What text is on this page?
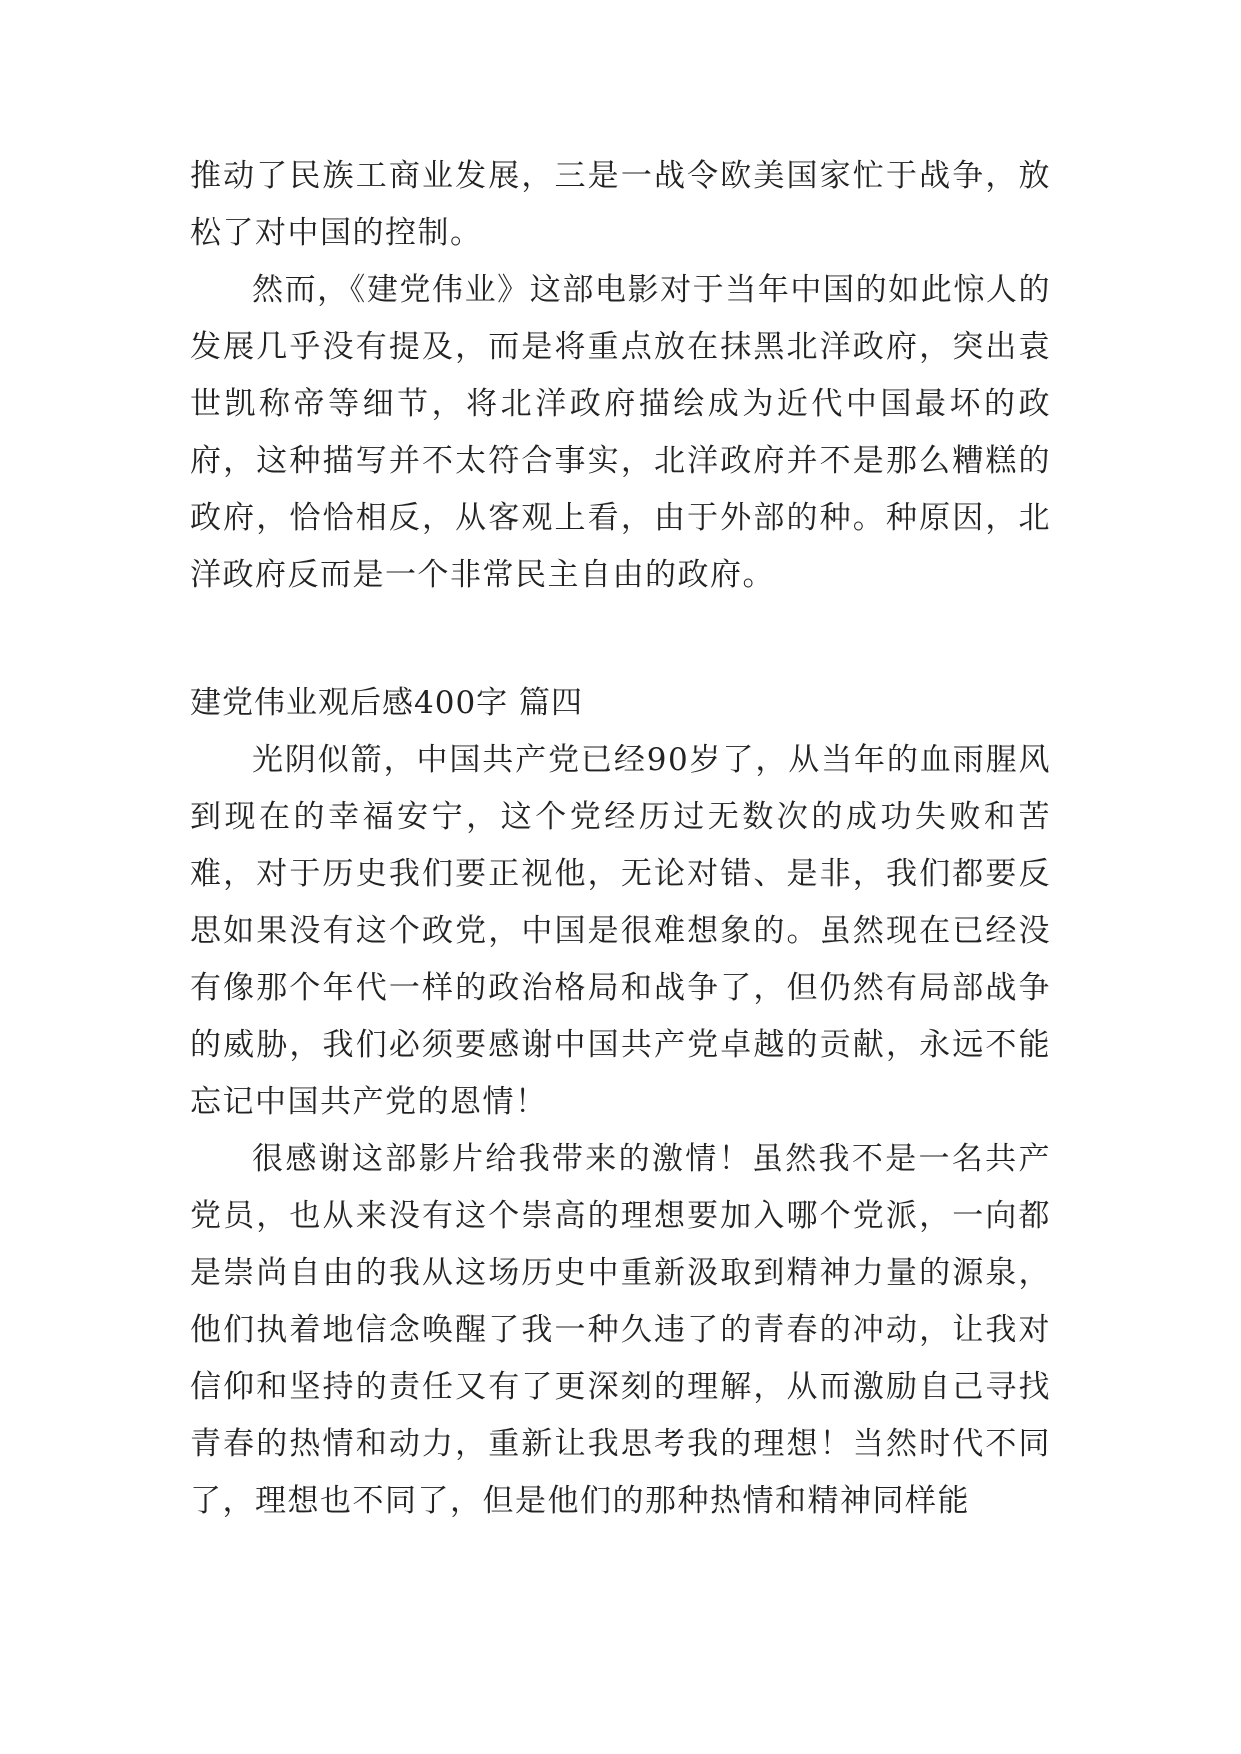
推动了民族工商业发展，三是一战令欧美国家忙于战争，放松了对中国的控制。

然而，《建党伟业》这部电影对于当年中国的如此惊人的发展几乎没有提及，而是将重点放在抹黑北洋政府，突出袁世凯称帝等细节，将北洋政府描绘成为近代中国最坏的政府，这种描写并不太符合事实，北洋政府并不是那么糟糕的政府，恰恰相反，从客观上看，由于外部的种。种原因，北洋政府反而是一个非常民主自由的政府。

建党伟业观后感400字 篇四

光阴似箭，中国共产党已经90岁了，从当年的血雨腥风到现在的幸福安宁，这个党经历过无数次的成功失败和苦难，对于历史我们要正视他，无论对错、是非，我们都要反思如果没有这个政党，中国是很难想象的。虽然现在已经没有像那个年代一样的政治格局和战争了，但仍然有局部战争的威胁，我们必须要感谢中国共产党卓越的贡献，永远不能忘记中国共产党的恩情！

很感谢这部影片给我带来的激情！虽然我不是一名共产党员，也从来没有这个崇高的理想要加入哪个党派，一向都是崇尚自由的我从这场历史中重新汲取到精神力量的源泉，他们执着地信念唤醒了我一种久违了的青春的冲动，让我对信仰和坚持的责任又有了更深刻的理解，从而激励自己寻找青春的热情和动力，重新让我思考我的理想！当然时代不同了，理想也不同了，但是他们的那种热情和精神同样能
